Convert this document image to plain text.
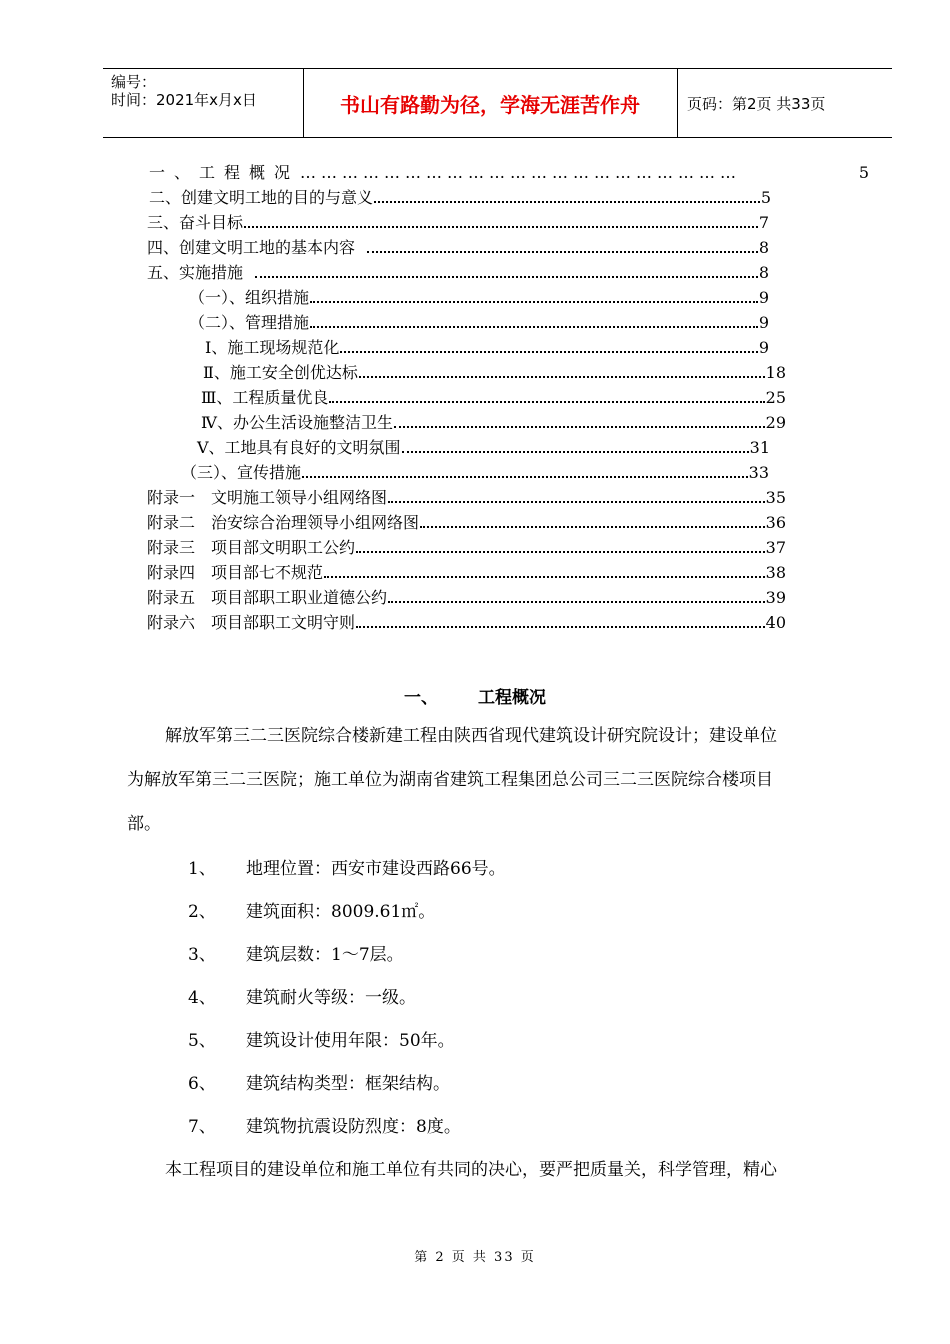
编号：
时间：2021年x月x日	书山有路勤为径，学海无涯苦作舟	页码：第2页 共33页
一、工程概况 ………………………………………………………	5
二、创建文明工地的目的与意义	5
三、奋斗目标	7
四、创建文明工地的基本内容	8
五、实施措施	8
（一）、组织措施	9
（二）、管理措施	9
Ⅰ、施工现场规范化	9
Ⅱ、施工安全创优达标	18
Ⅲ、工程质量优良	25
Ⅳ、办公生活设施整洁卫生	29
Ⅴ、工地具有良好的文明氛围	31
（三）、宣传措施	33
附录一　文明施工领导小组网络图	35
附录二　治安综合治理领导小组网络图	36
附录三　项目部文明职工公约	37
附录四　项目部七不规范	38
附录五　项目部职工职业道德公约	39
附录六　项目部职工文明守则	40
一、 工程概况
解放军第三二三医院综合楼新建工程由陕西省现代建筑设计研究院设计；建设单位
为解放军第三二三医院；施工单位为湖南省建筑工程集团总公司三二三医院综合楼项目
部。
1、 地理位置：西安市建设西路66号。
2、 建筑面积：8009.61㎡。
3、 建筑层数：1～7层。
4、 建筑耐火等级：一级。
5、 建筑设计使用年限：50年。
6、 建筑结构类型：框架结构。
7、 建筑物抗震设防烈度：8度。
本工程项目的建设单位和施工单位有共同的决心，要严把质量关，科学管理，精心
第 2 页 共 33 页
